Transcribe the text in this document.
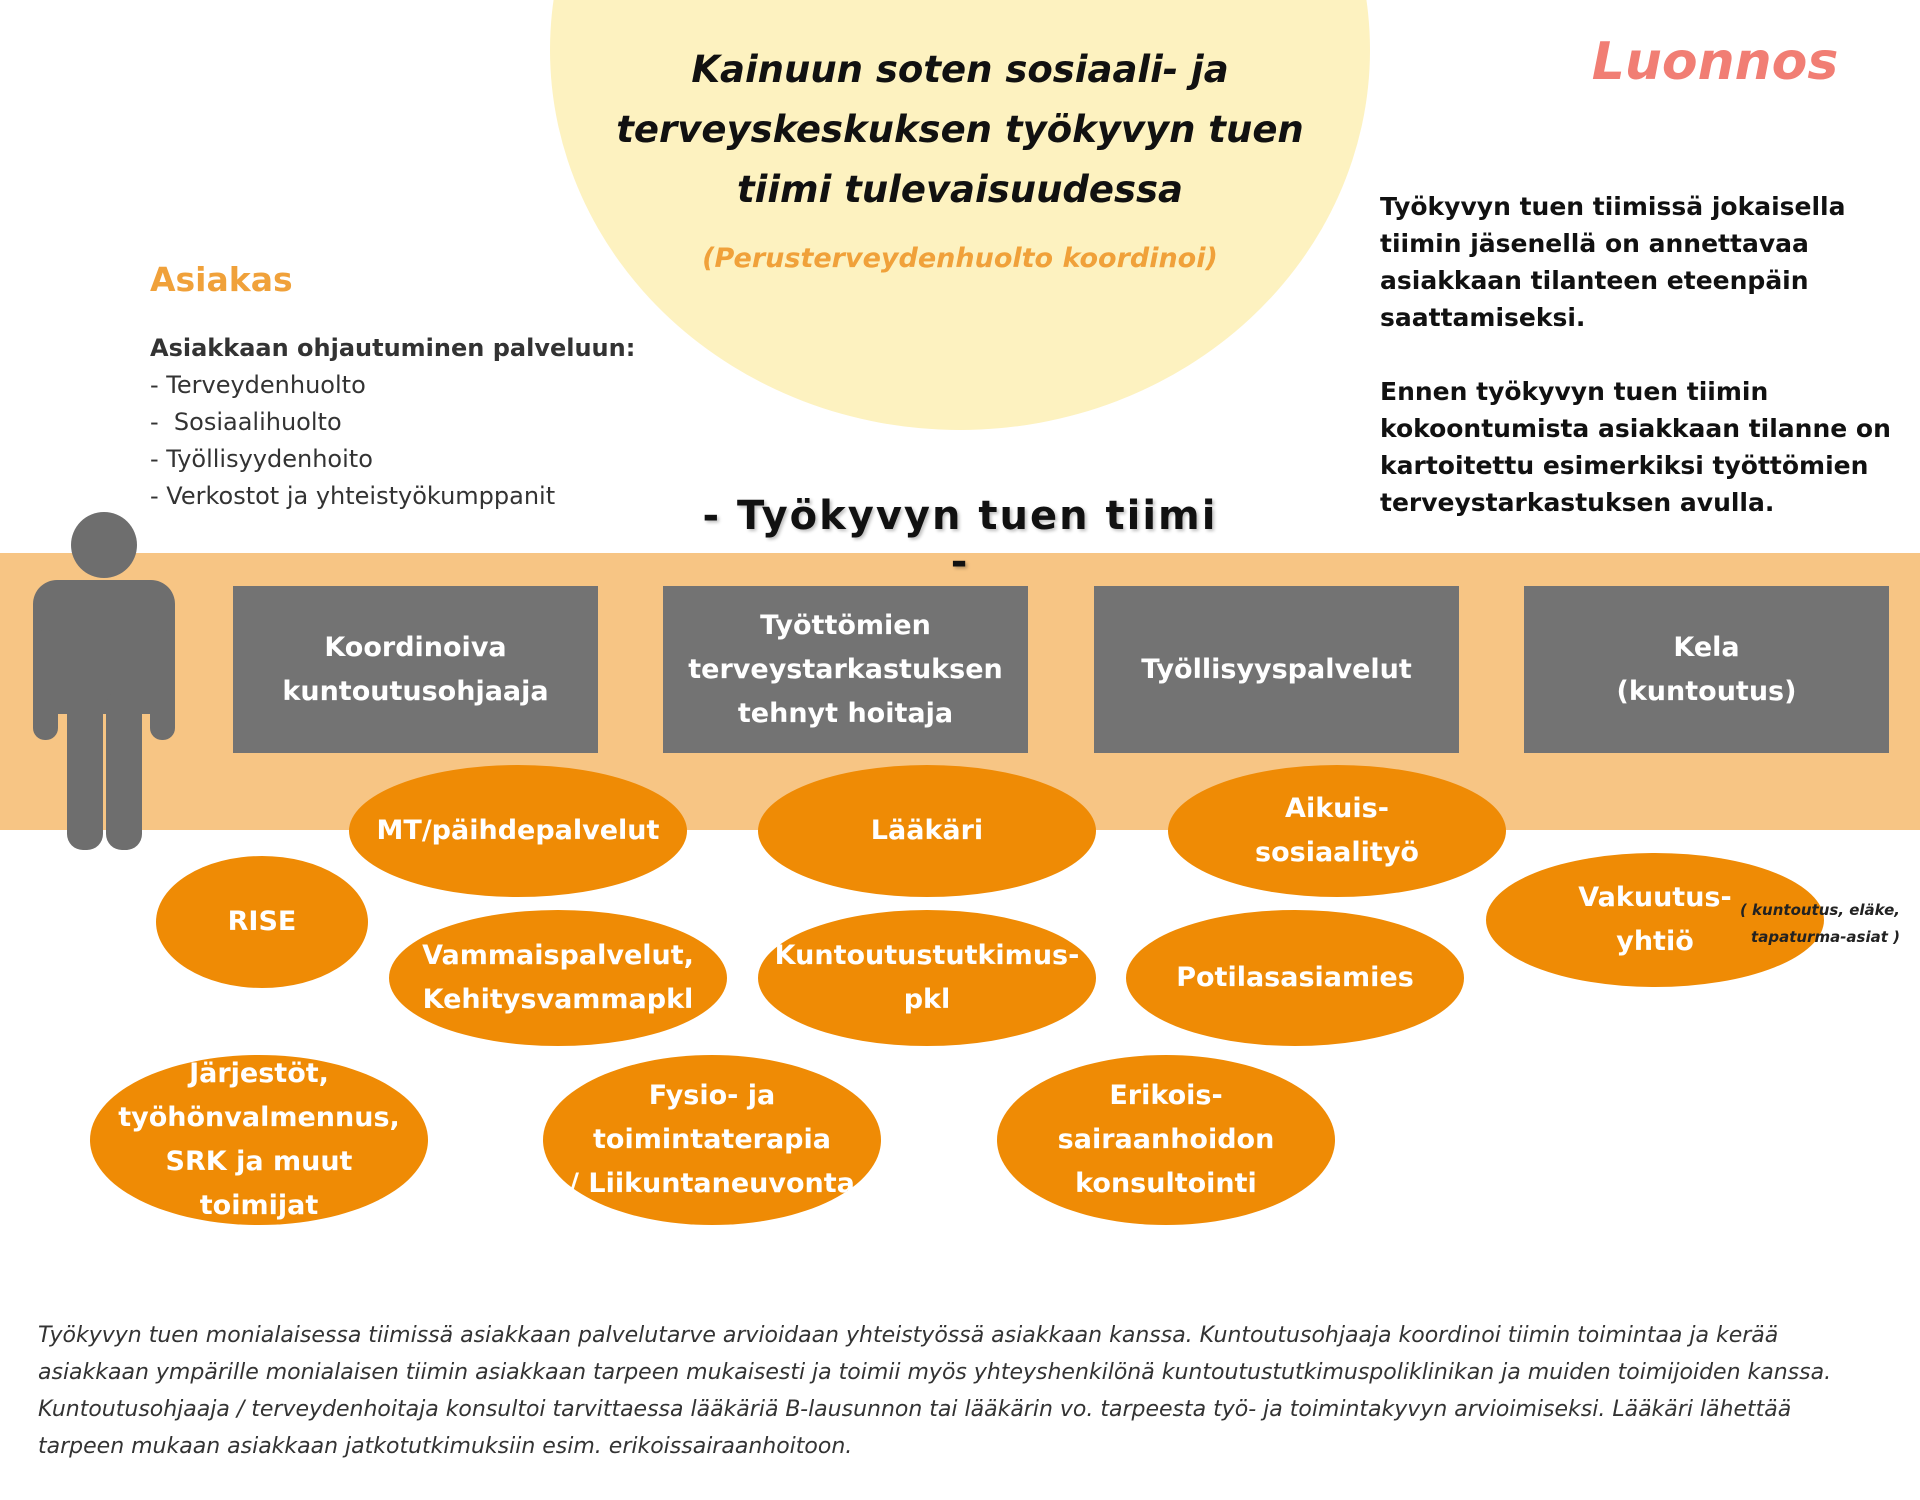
Kainuun soten sosiaali- ja terveyskeskuksen työkyvyn tuen tiimi tulevaisuudessa
(Perusterveydenhuolto koordinoi)
Luonnos

Työkyvyn tuen tiimissä jokaisella tiimin jäsenellä on annettavaa asiakkaan tilanteen eteenpäin saattamiseksi.

Ennen työkyvyn tuen tiimin kokoontumista asiakkaan tilanne on kartoitettu esimerkiksi työttömien terveystarkastuksen avulla.

Asiakas
Asiakkaan ohjautuminen palveluun:
- Terveydenhuolto
-  Sosiaalihuolto
- Työllisyydenhoito
- Verkostot ja yhteistyökumppanit	- Työkyvyn tuen tiimi -
Koordinoiva
kuntoutusohjaaja
Työttömien
terveystarkastuksen
tehnyt hoitaja
Työllisyyspalvelut
Kela
(kuntoutus)
MT/päihdepalvelut	Lääkäri
Aikuis-
sosiaalityö
RISE
Vammaispalvelut,
Kehitysvammapkl
Kuntoutustutkimus-
pkl
Potilasasiamies
Vakuutus-
yhtiö
( kuntoutus, eläke, tapaturma-asiat )
Järjestöt,
työhönvalmennus,
SRK ja muut
toimijat
Fysio- ja
toimintaterapia
/ Liikuntaneuvonta
Erikois-
sairaanhoidon
konsultointi
Työkyvyn tuen monialaisessa tiimissä asiakkaan palvelutarve arvioidaan yhteistyössä asiakkaan kanssa. Kuntoutusohjaaja koordinoi tiimin toimintaa ja kerää asiakkaan ympärille monialaisen tiimin asiakkaan tarpeen mukaisesti ja toimii myös yhteyshenkilönä kuntoutustutkimuspoliklinikan ja muiden toimijoiden kanssa. Kuntoutusohjaaja / terveydenhoitaja konsultoi tarvittaessa lääkäriä B-lausunnon tai lääkärin vo. tarpeesta työ- ja toimintakyvyn arvioimiseksi. Lääkäri lähettää tarpeen mukaan asiakkaan jatkotutkimuksiin esim. erikoissairaanhoitoon.
